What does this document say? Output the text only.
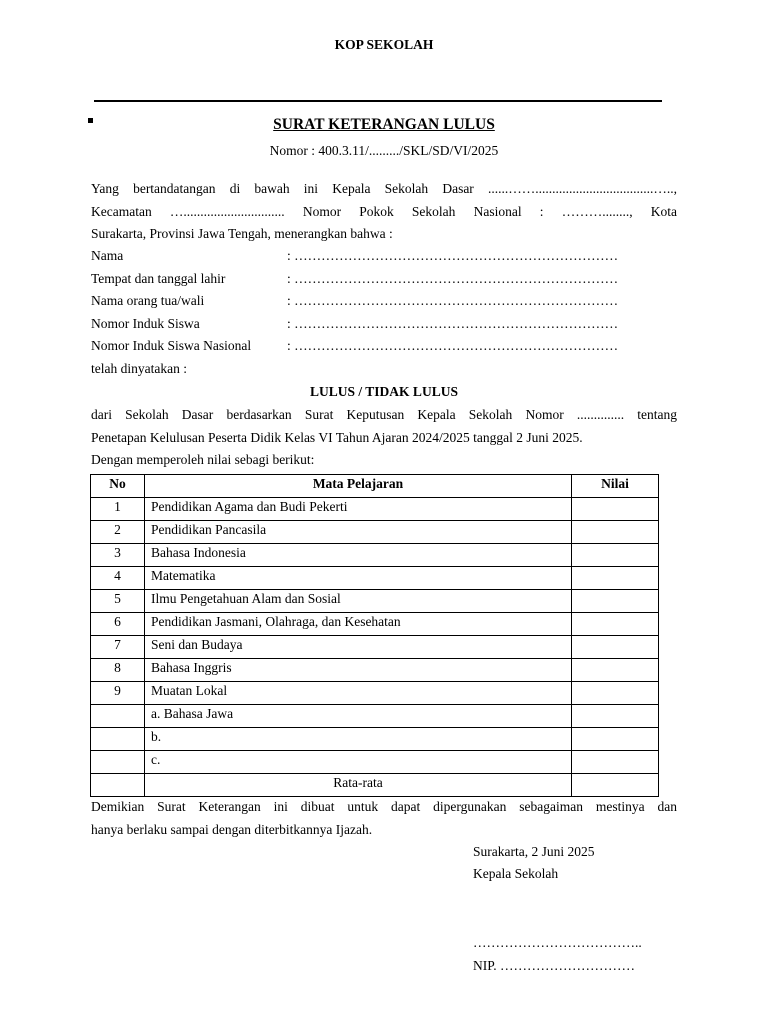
KOP SEKOLAH
SURAT KETERANGAN LULUS
Nomor : 400.3.11/........./SKL/SD/VI/2025
Yang bertandatangan di bawah ini Kepala Sekolah Dasar ......……...................................…..,
Kecamatan ….............................. Nomor Pokok Sekolah Nasional : ………........, Kota
Surakarta, Provinsi Jawa Tengah, menerangkan bahwa :
Nama	: ………………………………………………………………
Tempat dan tanggal lahir	: ………………………………………………………………
Nama orang tua/wali	: ………………………………………………………………
Nomor Induk Siswa	: ………………………………………………………………
Nomor Induk Siswa Nasional	: ………………………………………………………………
telah dinyatakan :
LULUS / TIDAK LULUS
dari Sekolah Dasar berdasarkan Surat Keputusan Kepala Sekolah Nomor .............. tentang
Penetapan Kelulusan Peserta Didik Kelas VI Tahun Ajaran 2024/2025 tanggal 2 Juni 2025.
Dengan memperoleh nilai sebagi berikut:
No	Mata Pelajaran	Nilai
1	Pendidikan Agama dan Budi Pekerti	
2	Pendidikan Pancasila	
3	Bahasa Indonesia	
4	Matematika	
5	Ilmu Pengetahuan Alam dan Sosial	
6	Pendidikan Jasmani, Olahraga, dan Kesehatan	
7	Seni dan Budaya	
8	Bahasa Inggris	
9	Muatan Lokal	
	a. Bahasa Jawa	
	b.	
	c.	
	Rata-rata	
Demikian Surat Keterangan ini dibuat untuk dapat dipergunakan sebagaiman mestinya dan
hanya berlaku sampai dengan diterbitkannya Ijazah.
Surakarta, 2 Juni 2025
Kepala Sekolah
………………………………..
NIP. …………………………
